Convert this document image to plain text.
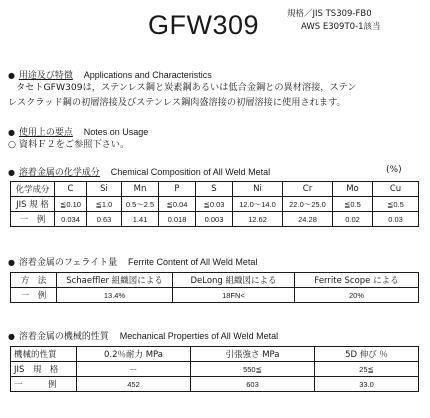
GFW309	規格／JIS TS309-FB0
AWS E309T0-1該当
● 用途及び特徴 Applications and Characteristics
タセトGFW309は，ステンレス鋼と炭素鋼あるいは低合金鋼との異材溶接，ステン
レスクラッド鋼の初層溶接及びステンレス鋼肉盛溶接の初層溶接に使用されます。
● 使用上の要点 Notes on Usage
○ 資料Ｆ２をご参照下さい。
● 溶着金属の化学成分 Chemical Composition of All Weld Metal	(%)
化学成分	C	Si	Mn	P	S	Ni	Cr	Mo	Cu
JIS 規 格	≦0.10	≦1.0	0.5〜2.5	≦0.04	≦0.03	12.0〜14.0	22.0〜25.0	≦0.5	≦0.5
一　例	0.034	0.63	1.41	0.018	0.003	12.62	24.28	0.02	0.03
● 溶着金属のフェライト量 Ferrite Content of All Weld Metal
方　法	Schaeffler 組織図による	DeLong 組織図による	Ferrite Scope による
一　例	13.4%	18FN<	20%
● 溶着金属の機械的性質 Mechanical Properties of All Weld Metal
機械的性質	0.2％耐力 MPa	引張強さ MPa	5D 伸び ％
JIS　規　格	ー	550≦	25≦
一　　　例	452	603	33.0
